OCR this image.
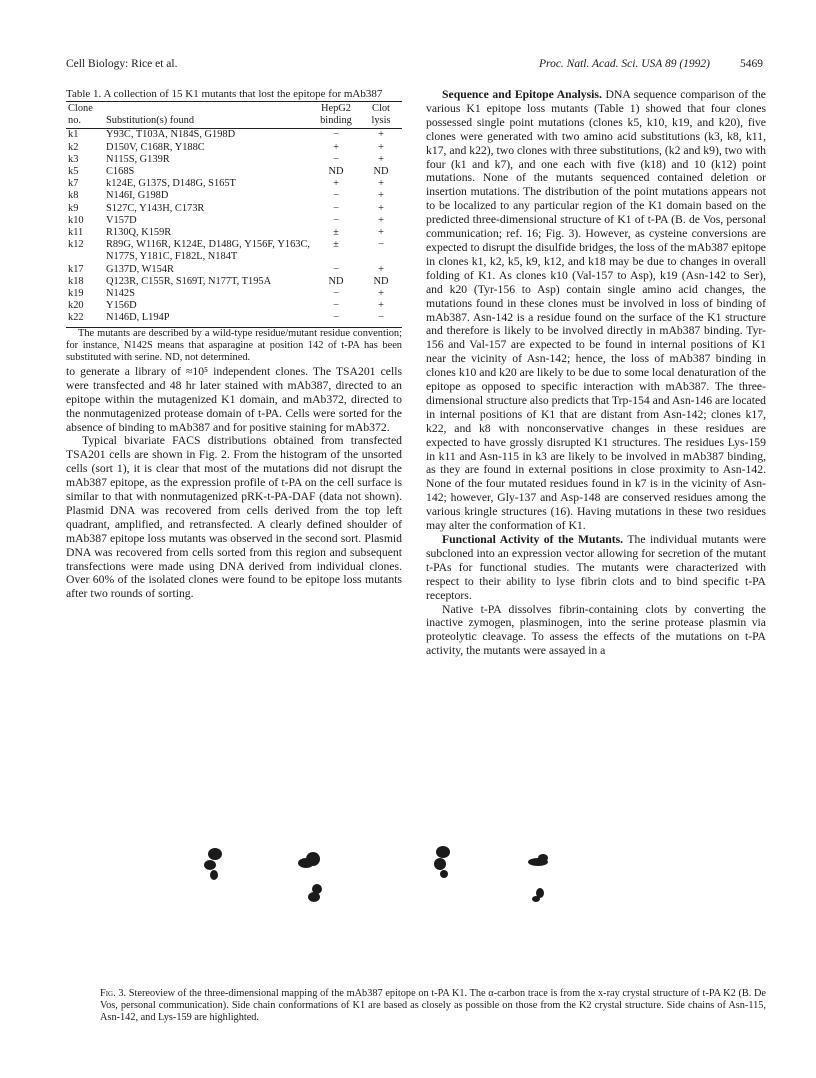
Cell Biology: Rice et al.	Proc. Natl. Acad. Sci. USA 89 (1992)	5469

Table 1. A collection of 15 K1 mutants that lost the epitope for mAb387

Clone no.	Substitution(s) found	HepG2 binding	Clot lysis
k1	Y93C, T103A, N184S, G198D	−	+
k2	D150V, C168R, Y188C	+	+
k3	N115S, G139R	−	+
k5	C168S	ND	ND
k7	k124E, G137S, D148G, S165T	+	+
k8	N146I, G198D	−	+
k9	S127C, Y143H, C173R	−	+
k10	V157D	−	+
k11	R130Q, K159R	±	+
k12	R89G, W116R, K124E, D148G, Y156F, Y163C, N177S, Y181C, F182L, N184T	±	−
k17	G137D, W154R	−	+
k18	Q123R, C155R, S169T, N177T, T195A	ND	ND
k19	N142S	−	+
k20	Y156D	−	+
k22	N146D, L194P	−	−

The mutants are described by a wild-type residue/mutant residue convention; for instance, N142S means that asparagine at position 142 of t-PA has been substituted with serine. ND, not determined.

to generate a library of ≈10⁵ independent clones. The TSA201 cells were transfected and 48 hr later stained with mAb387, directed to an epitope within the mutagenized K1 domain, and mAb372, directed to the nonmutagenized protease domain of t-PA. Cells were sorted for the absence of binding to mAb387 and for positive staining for mAb372.

Typical bivariate FACS distributions obtained from transfected TSA201 cells are shown in Fig. 2. From the histogram of the unsorted cells (sort 1), it is clear that most of the mutations did not disrupt the mAb387 epitope, as the expression profile of t-PA on the cell surface is similar to that with nonmutagenized pRK-t-PA-DAF (data not shown). Plasmid DNA was recovered from cells derived from the top left quadrant, amplified, and retransfected. A clearly defined shoulder of mAb387 epitope loss mutants was observed in the second sort. Plasmid DNA was recovered from cells sorted from this region and subsequent transfections were made using DNA derived from individual clones. Over 60% of the isolated clones were found to be epitope loss mutants after two rounds of sorting.

Sequence and Epitope Analysis. DNA sequence comparison of the various K1 epitope loss mutants (Table 1) showed that four clones possessed single point mutations (clones k5, k10, k19, and k20), five clones were generated with two amino acid substitutions (k3, k8, k11, k17, and k22), two clones with three substitutions, (k2 and k9), two with four (k1 and k7), and one each with five (k18) and 10 (k12) point mutations. None of the mutants sequenced contained deletion or insertion mutations. The distribution of the point mutations appears not to be localized to any particular region of the K1 domain based on the predicted three-dimensional structure of K1 of t-PA (B. de Vos, personal communication; ref. 16; Fig. 3). However, as cysteine conversions are expected to disrupt the disulfide bridges, the loss of the mAb387 epitope in clones k1, k2, k5, k9, k12, and k18 may be due to changes in overall folding of K1. As clones k10 (Val-157 to Asp), k19 (Asn-142 to Ser), and k20 (Tyr-156 to Asp) contain single amino acid changes, the mutations found in these clones must be involved in loss of binding of mAb387. Asn-142 is a residue found on the surface of the K1 structure and therefore is likely to be involved directly in mAb387 binding. Tyr-156 and Val-157 are expected to be found in internal positions of K1 near the vicinity of Asn-142; hence, the loss of mAb387 binding in clones k10 and k20 are likely to be due to some local denaturation of the epitope as opposed to specific interaction with mAb387. The three-dimensional structure also predicts that Trp-154 and Asn-146 are located in internal positions of K1 that are distant from Asn-142; clones k17, k22, and k8 with nonconservative changes in these residues are expected to have grossly disrupted K1 structures. The residues Lys-159 in k11 and Asn-115 in k3 are likely to be involved in mAb387 binding, as they are found in external positions in close proximity to Asn-142. None of the four mutated residues found in k7 is in the vicinity of Asn-142; however, Gly-137 and Asp-148 are conserved residues among the various kringle structures (16). Having mutations in these two residues may alter the conformation of K1.

Functional Activity of the Mutants. The individual mutants were subcloned into an expression vector allowing for secretion of the mutant t-PAs for functional studies. The mutants were characterized with respect to their ability to lyse fibrin clots and to bind specific t-PA receptors.

Native t-PA dissolves fibrin-containing clots by converting the inactive zymogen, plasminogen, into the serine protease plasmin via proteolytic cleavage. To assess the effects of the mutations on t-PA activity, the mutants were assayed in a

Fig. 3. Stereoview of the three-dimensional mapping of the mAb387 epitope on t-PA K1. The α-carbon trace is from the x-ray crystal structure of t-PA K2 (B. De Vos, personal communication). Side chain conformations of K1 are based as closely as possible on those from the K2 crystal structure. Side chains of Asn-115, Asn-142, and Lys-159 are highlighted.
